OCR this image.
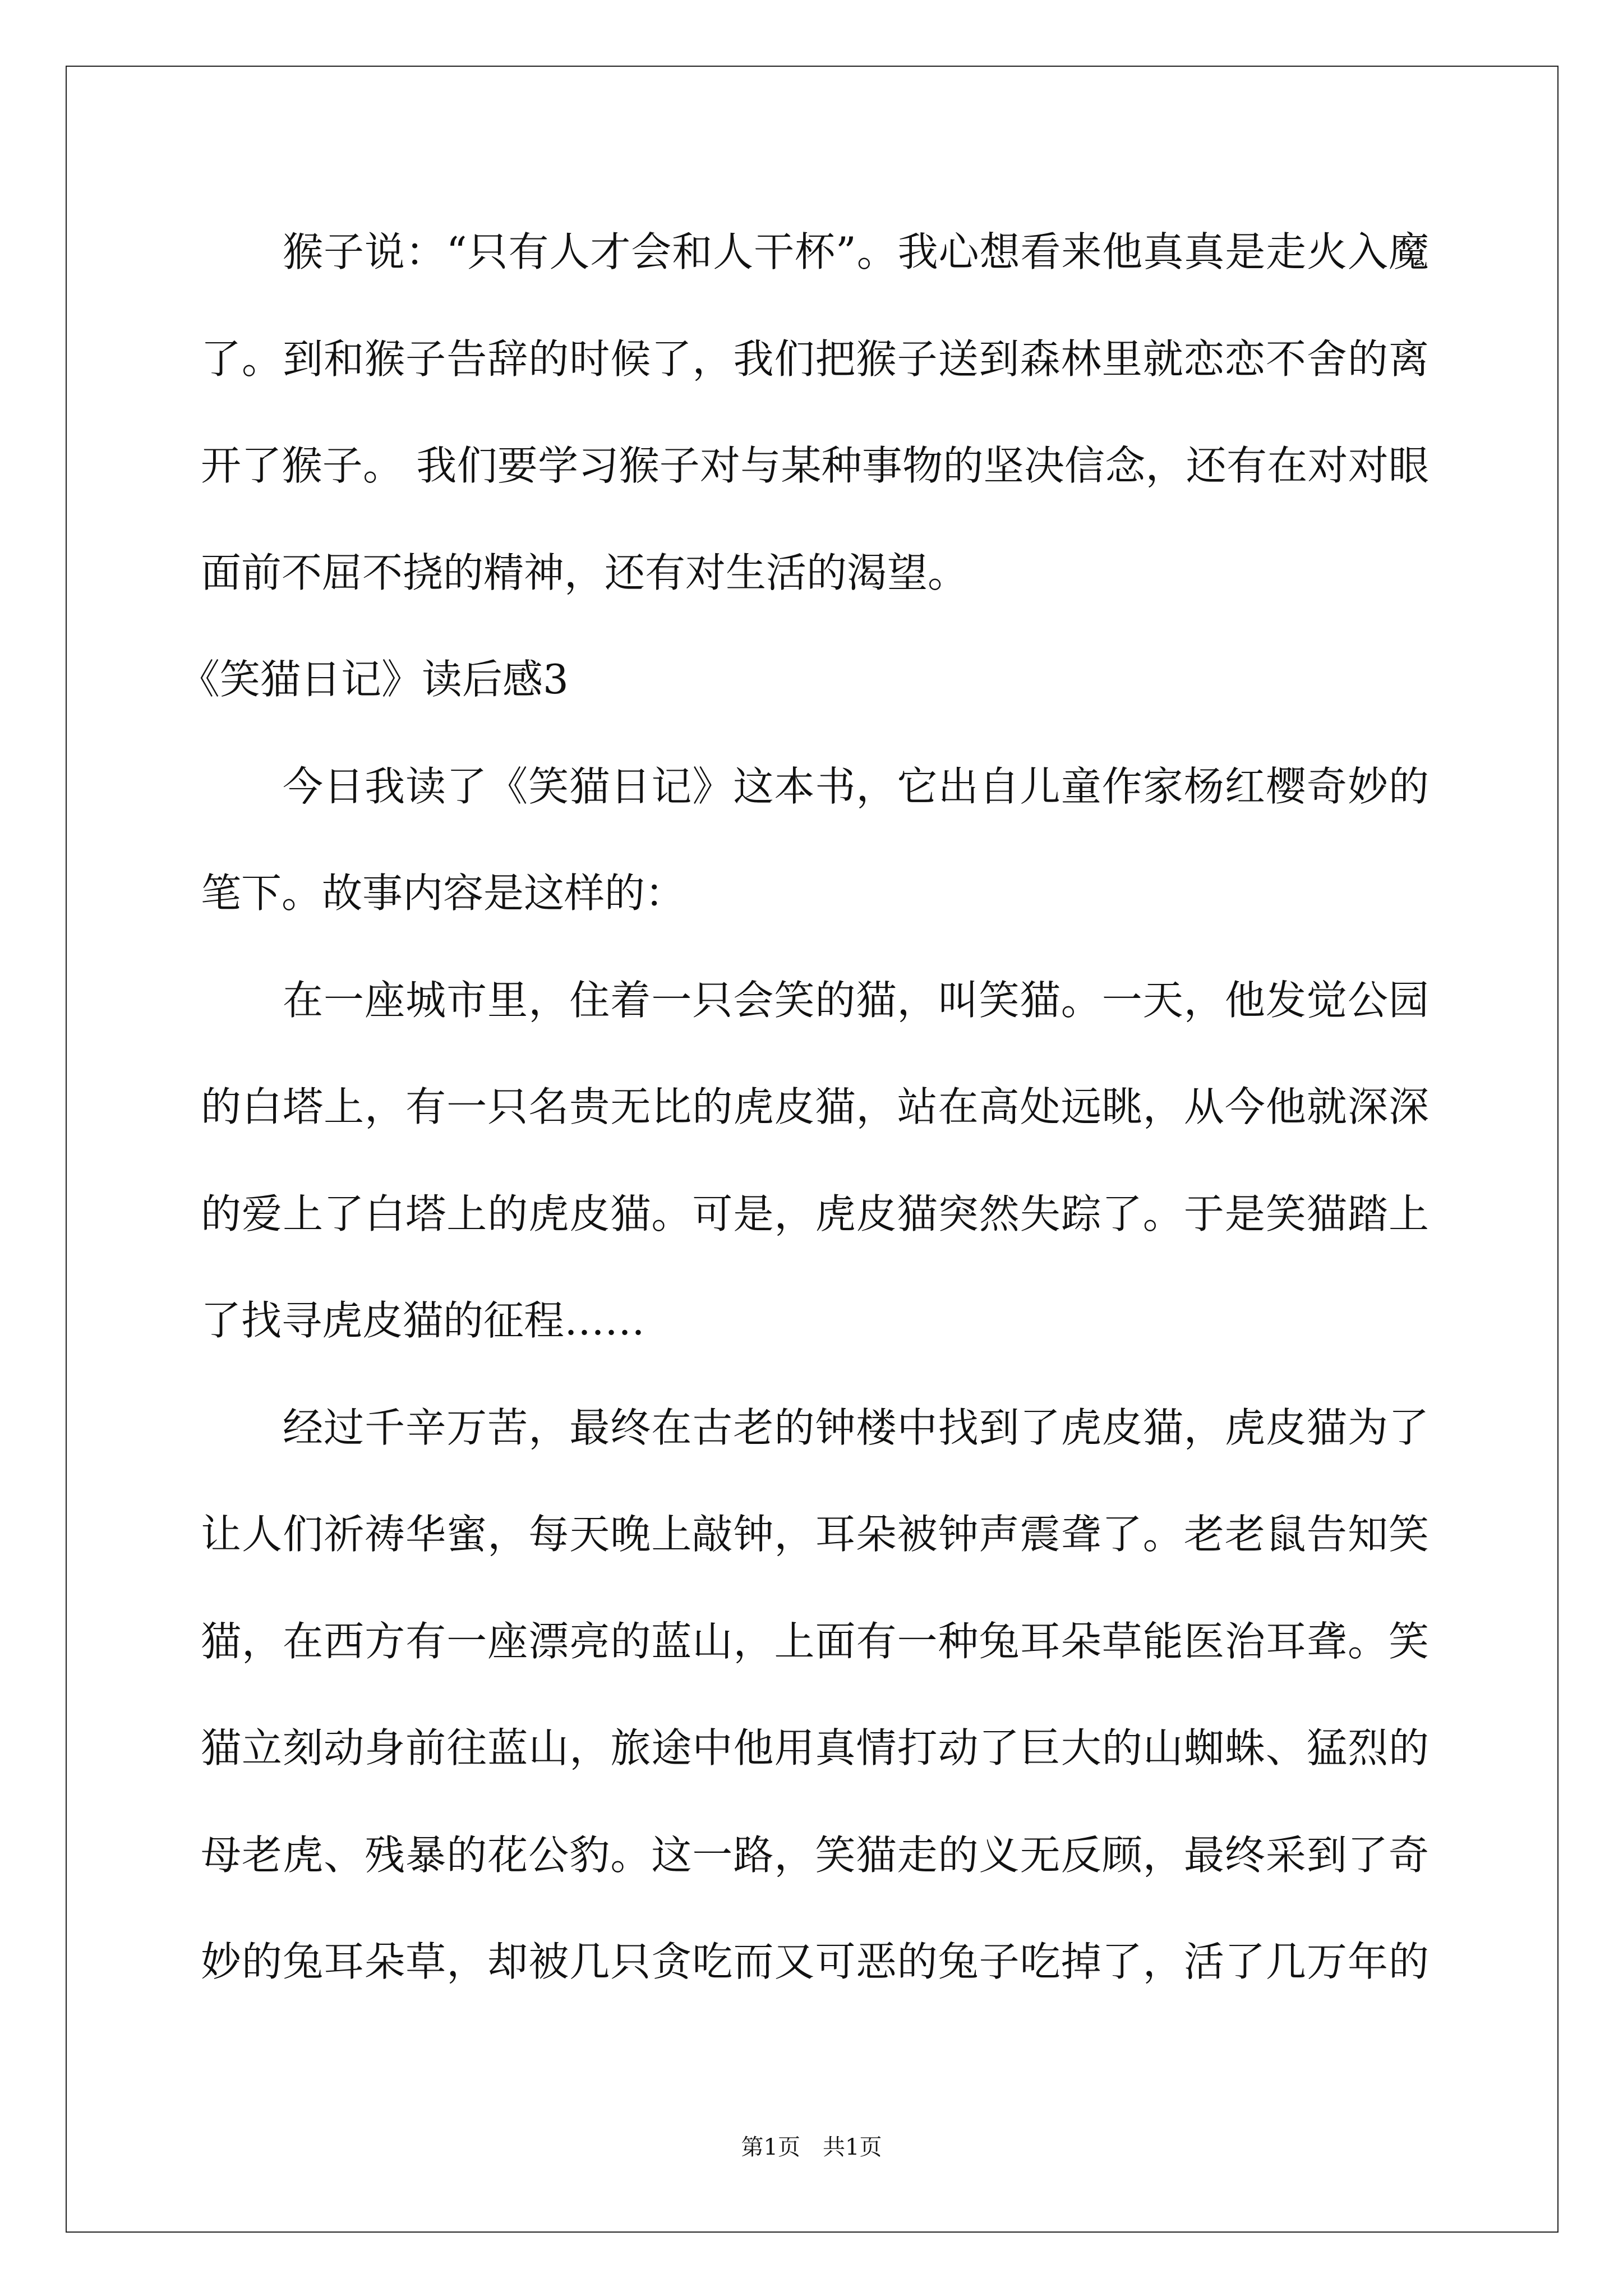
猴子说：“只有人才会和人干杯”。我心想看来他真真是走火入魔
了。到和猴子告辞的时候了，我们把猴子送到森林里就恋恋不舍的离
开了猴子。 我们要学习猴子对与某种事物的坚决信念，还有在对对眼
面前不屈不挠的精神，还有对生活的渴望。
《笑猫日记》读后感3
今日我读了《笑猫日记》这本书，它出自儿童作家杨红樱奇妙的
笔下。故事内容是这样的：
在一座城市里，住着一只会笑的猫，叫笑猫。一天，他发觉公园
的白塔上，有一只名贵无比的虎皮猫，站在高处远眺，从今他就深深
的爱上了白塔上的虎皮猫。可是，虎皮猫突然失踪了。于是笑猫踏上
了找寻虎皮猫的征程……
经过千辛万苦，最终在古老的钟楼中找到了虎皮猫，虎皮猫为了
让人们祈祷华蜜，每天晚上敲钟，耳朵被钟声震聋了。老老鼠告知笑
猫，在西方有一座漂亮的蓝山，上面有一种兔耳朵草能医治耳聋。笑
猫立刻动身前往蓝山，旅途中他用真情打动了巨大的山蜘蛛、猛烈的
母老虎、残暴的花公豹。这一路，笑猫走的义无反顾，最终采到了奇
妙的兔耳朵草，却被几只贪吃而又可恶的兔子吃掉了，活了几万年的
第1页 共1页
